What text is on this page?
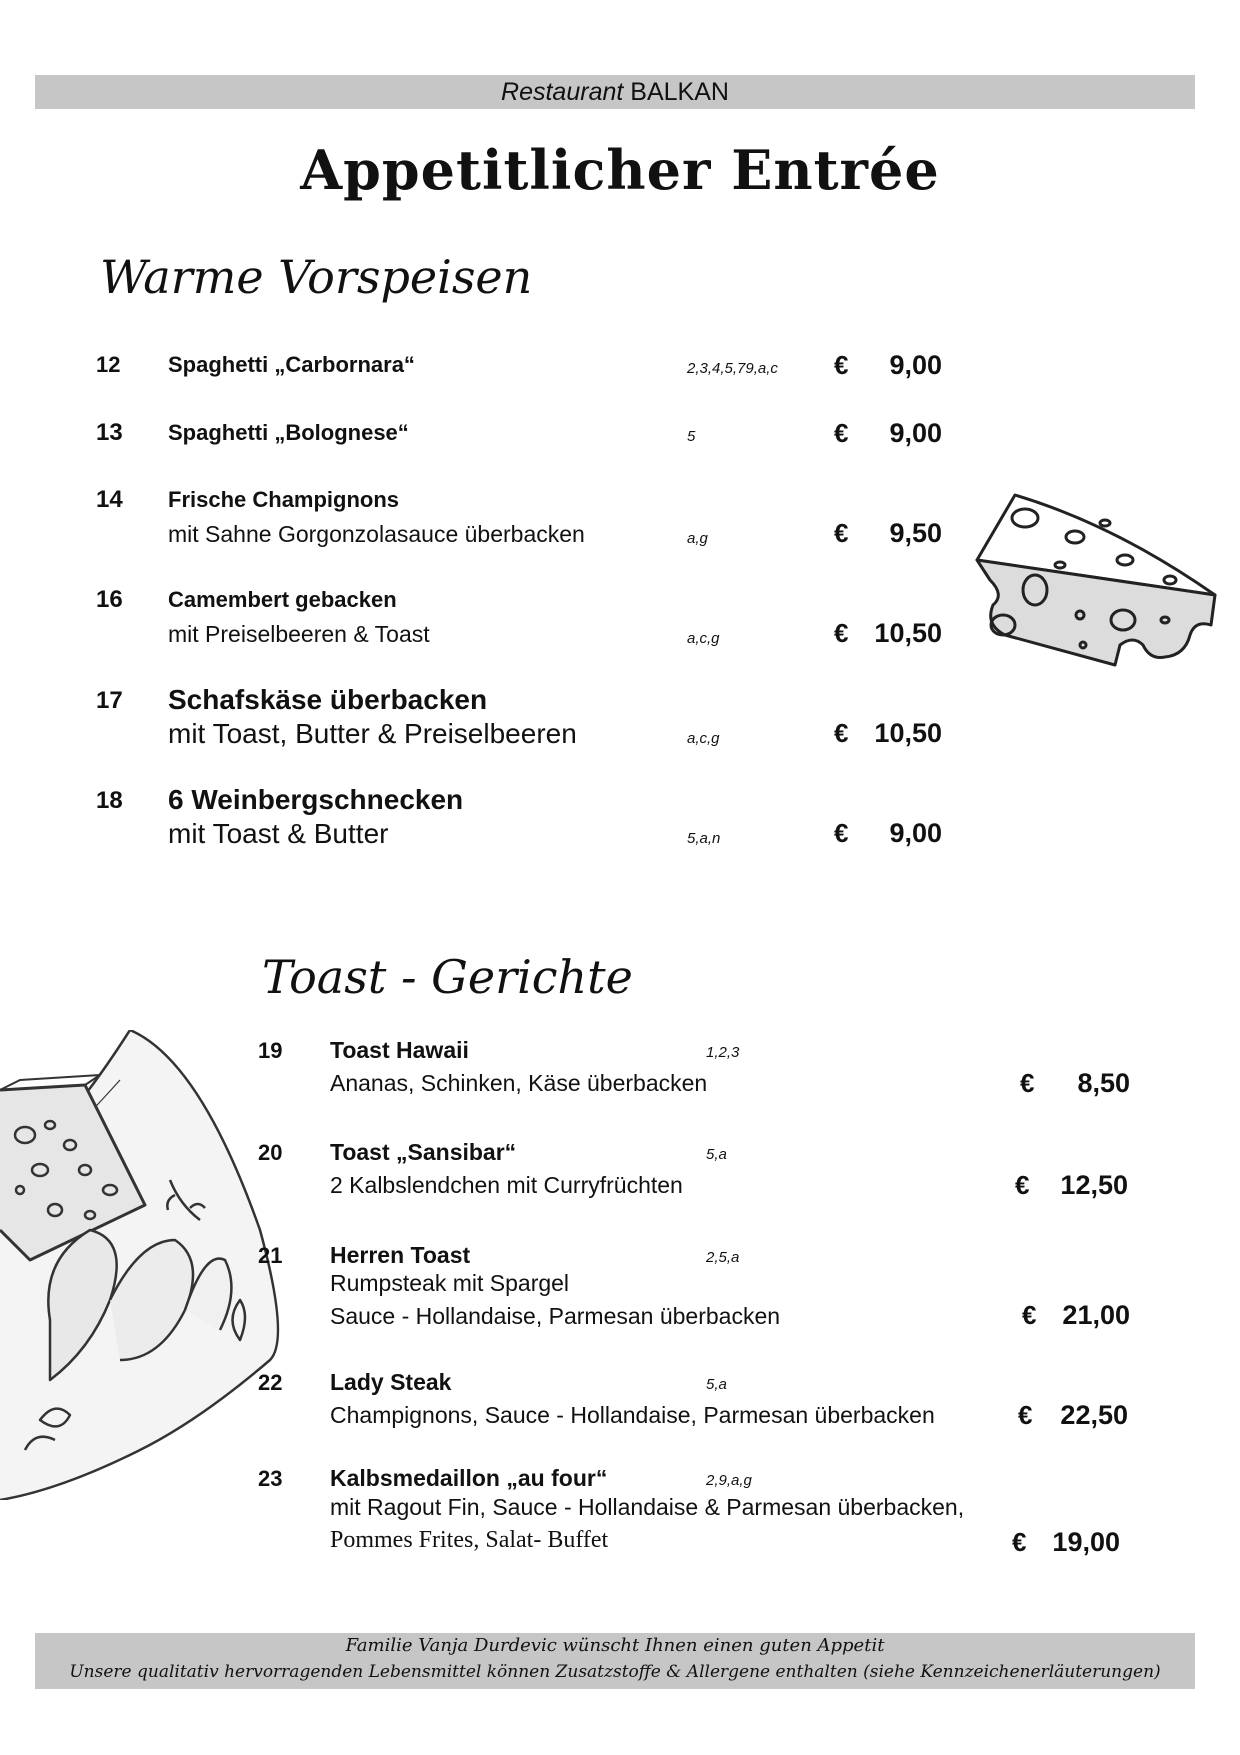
Restaurant BALKAN
Appetitlicher Entrée
Warme Vorspeisen
12 Spaghetti „Carbornara“	2,3,4,5,79,a,c €	9,00
13 Spaghetti „Bolognese“	5	€	9,00
14 Frische Champignons
mit Sahne Gorgonzolasauce überbacken	a,g	€	9,50
16 Camembert gebacken
mit Preiselbeeren & Toast	a,c,g	€ 10,50
17 Schafskäse überbacken
mit Toast, Butter & Preiselbeeren	a,c,g	€ 10,50
18 6 Weinbergschnecken
mit Toast & Butter	5,a,n	€	9,00
Toast - Gerichte
19 Toast Hawaii	1,2,3
Ananas, Schinken, Käse überbacken	€	8,50
20 Toast „Sansibar“	5,a
2 Kalbslendchen mit Curryfrüchten	€	12,50
21 Herren Toast	2,5,a
Rumpsteak mit Spargel
Sauce - Hollandaise, Parmesan überbacken	€ 21,00
22 Lady Steak	5,a
Champignons, Sauce - Hollandaise, Parmesan überbacken	€	22,50
23 Kalbsmedaillon „au four“	2,9,a,g
mit Ragout Fin, Sauce - Hollandaise & Parmesan überbacken,
Pommes Frites, Salat- Buffet	€ 19,00
Familie Vanja Durdevic wünscht Ihnen einen guten Appetit
Unsere qualitativ hervorragenden Lebensmittel können Zusatzstoffe & Allergene enthalten (siehe Kennzeichenerläuterungen)
